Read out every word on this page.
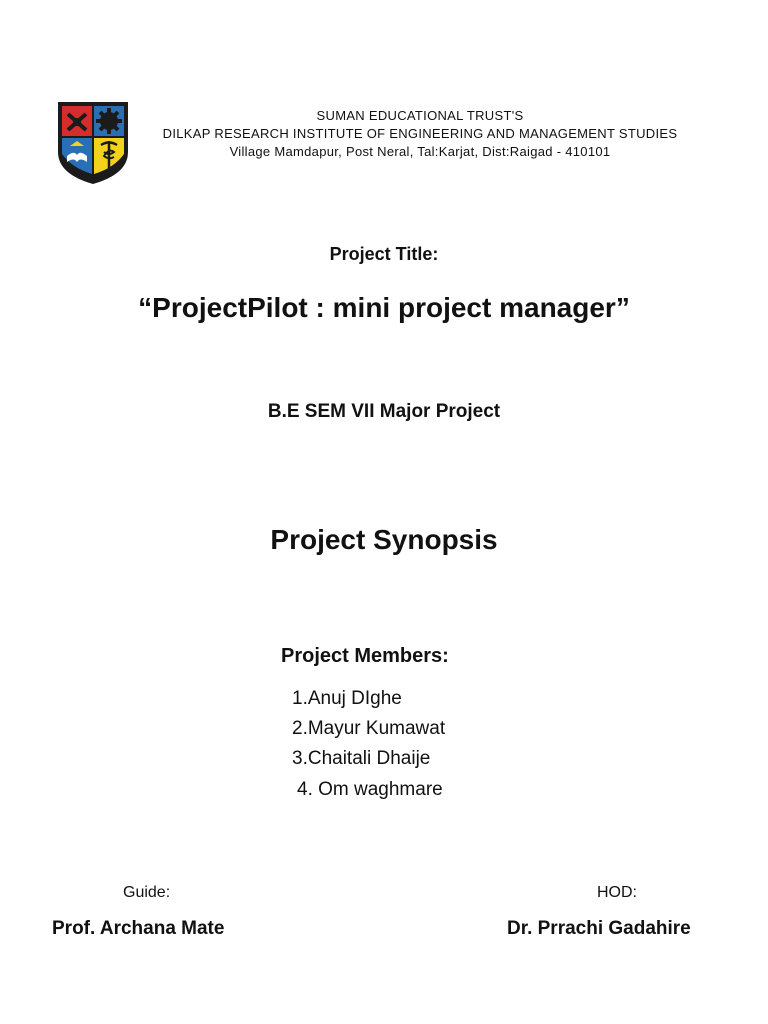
SUMAN EDUCATIONAL TRUST'S
DILKAP RESEARCH INSTITUTE OF ENGINEERING AND MANAGEMENT STUDIES
Village Mamdapur, Post Neral, Tal:Karjat, Dist:Raigad - 410101
Project Title:
“ProjectPilot : mini project manager”
B.E SEM VII Major Project
Project Synopsis
Project Members:
1.Anuj DIghe
2.Mayur Kumawat
3.Chaitali Dhaije
4. Om waghmare
Guide:	HOD:
Prof. Archana Mate	Dr. Prrachi Gadahire
